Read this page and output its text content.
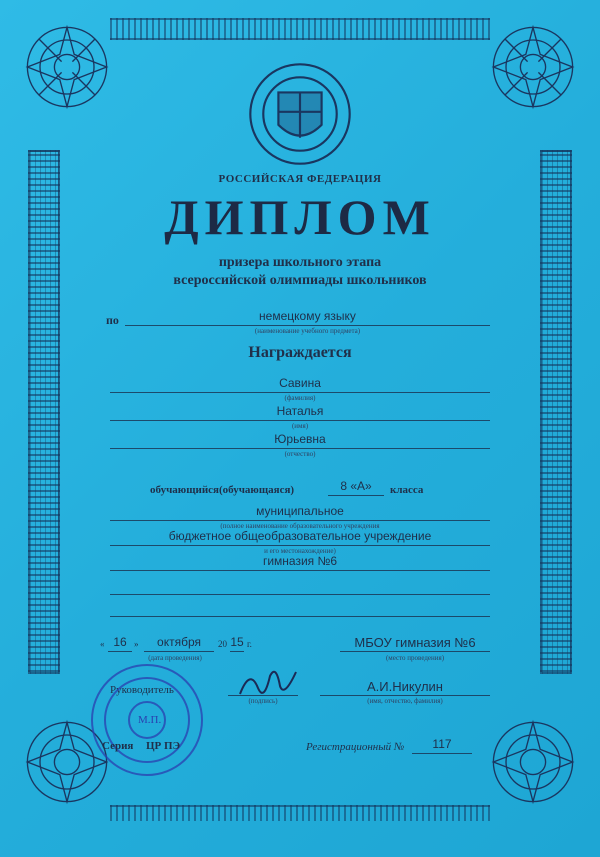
РОССИЙСКАЯ ФЕДЕРАЦИЯ
ДИПЛОМ
призера школьного этапа
всероссийской олимпиады школьников
по	немецкому языку
(наименование учебного предмета)
Награждается
Савина
(фамилия)
Наталья
(имя)
Юрьевна
(отчество)
обучающийся(обучающаяся)	8 «А»	класса
муниципальное
(полное наименование образовательного учреждения
бюджетное общеобразовательное учреждение
и его местонахождение)
гимназия №6
« 16 »	октября	20 15 г.
(дата проведения)
МБОУ гимназия №6
(место проведения)
Руководитель
(подпись)
А.И.Никулин
(имя, отчество, фамилия)
М.П.
Серия ЦР ПЭ	Регистрационный №	117
